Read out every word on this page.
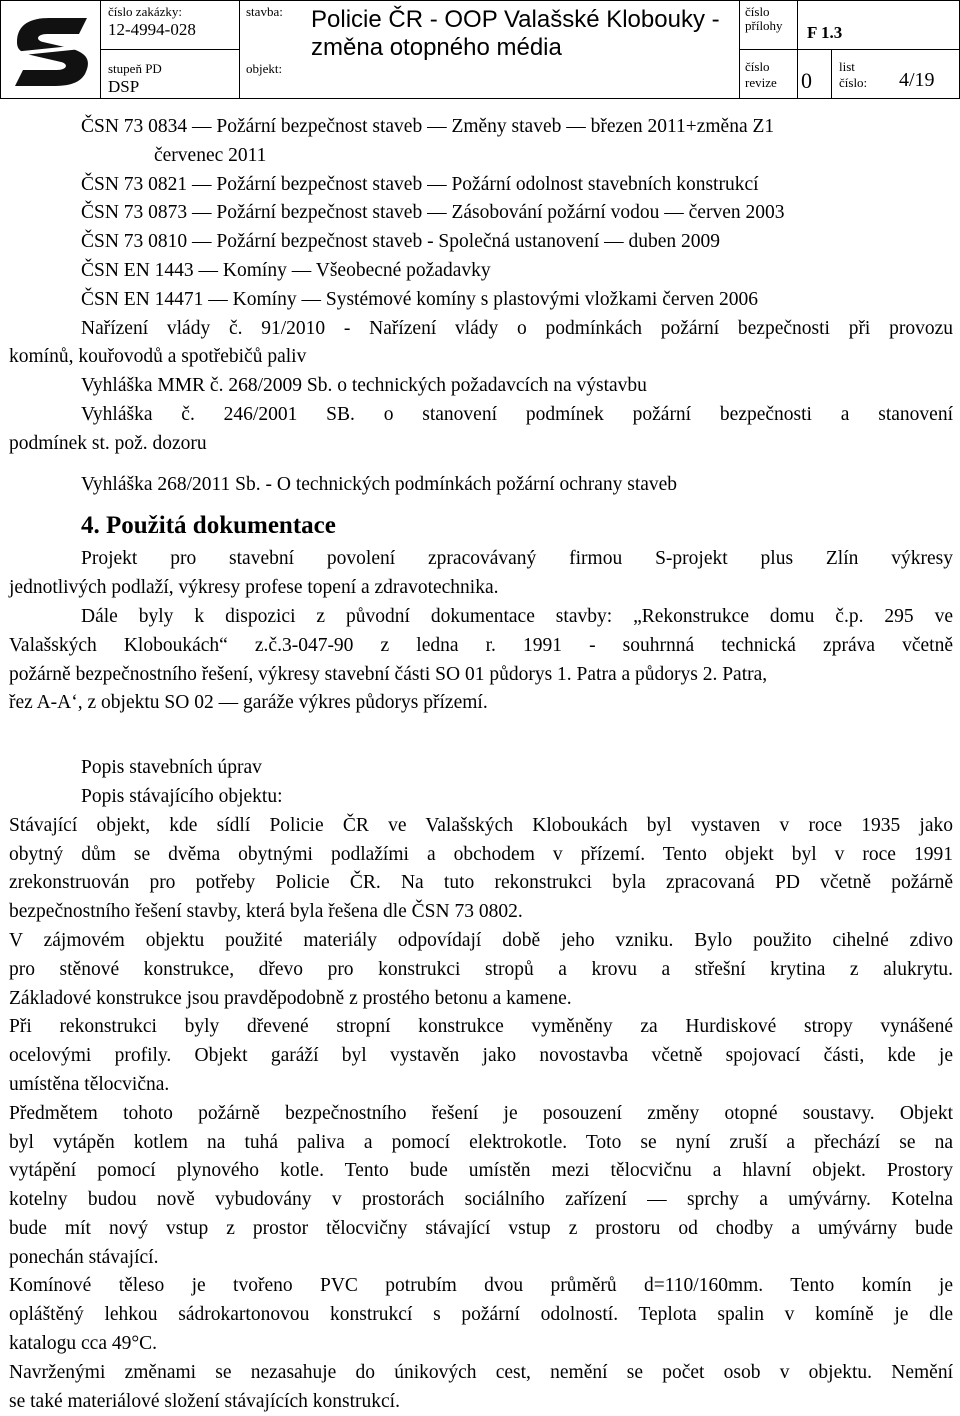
číslo zakázky:
12-4994-028
stupeň PD
DSP
stavba:
objekt:
Policie ČR - OOP Valašské Klobouky -
změna otopného média
číslo
přílohy F 1.3
číslo
revize 0
list
číslo: 4/19
ČSN 73 0834 — Požární bezpečnost staveb — Změny staveb — březen 2011+změna Z1
červenec 2011
ČSN 73 0821 — Požární bezpečnost staveb — Požární odolnost stavebních konstrukcí
ČSN 73 0873 — Požární bezpečnost staveb — Zásobování požární vodou — červen 2003
ČSN 73 0810 — Požární bezpečnost staveb - Společná ustanovení — duben 2009
ČSN EN 1443 — Komíny — Všeobecné požadavky
ČSN EN 14471 — Komíny — Systémové komíny s plastovými vložkami červen 2006
Nařízení vlády č. 91/2010 - Nařízení vlády o podmínkách požární bezpečnosti při provozu
komínů, kouřovodů a spotřebičů paliv
Vyhláška MMR č. 268/2009 Sb. o technických požadavcích na výstavbu
Vyhláška č. 246/2001 SB. o stanovení podmínek požární bezpečnosti a stanovení
podmínek st. pož. dozoru
Vyhláška 268/2011 Sb. - O technických podmínkách požární ochrany staveb
4. Použitá dokumentace
Projekt pro stavební povolení zpracovávaný firmou S-projekt plus Zlín výkresy
jednotlivých podlaží, výkresy profese topení a zdravotechnika.
Dále byly k dispozici z původní dokumentace stavby: „Rekonstrukce domu č.p. 295 ve
Valašských Kloboukách“ z.č.3-047-90 z ledna r. 1991 - souhrnná technická zpráva včetně
požárně bezpečnostního řešení, výkresy stavební části SO 01 půdorys 1. Patra a půdorys 2. Patra,
řez A-A‘, z objektu SO 02 — garáže výkres půdorys přízemí.
Popis stavebních úprav
Popis stávajícího objektu:
Stávající objekt, kde sídlí Policie ČR ve Valašských Kloboukách byl vystaven v roce 1935 jako
obytný dům se dvěma obytnými podlažími a obchodem v přízemí. Tento objekt byl v roce 1991
zrekonstruován pro potřeby Policie ČR. Na tuto rekonstrukci byla zpracovaná PD včetně požárně
bezpečnostního řešení stavby, která byla řešena dle ČSN 73 0802.
V zájmovém objektu použité materiály odpovídají době jeho vzniku. Bylo použito cihelné zdivo
pro stěnové konstrukce, dřevo pro konstrukci stropů a krovu a střešní krytina z alukrytu.
Základové konstrukce jsou pravděpodobně z prostého betonu a kamene.
Při rekonstrukci byly dřevené stropní konstrukce vyměněny za Hurdiskové stropy vynášené
ocelovými profily. Objekt garáží byl vystavěn jako novostavba včetně spojovací části, kde je
umístěna tělocvična.
Předmětem tohoto požárně bezpečnostního řešení je posouzení změny otopné soustavy. Objekt
byl vytápěn kotlem na tuhá paliva a pomocí elektrokotle. Toto se nyní zruší a přechází se na
vytápění pomocí plynového kotle. Tento bude umístěn mezi tělocvičnu a hlavní objekt. Prostory
kotelny budou nově vybudovány v prostorách sociálního zařízení — sprchy a umývárny. Kotelna
bude mít nový vstup z prostor tělocvičny stávající vstup z prostoru od chodby a umývárny bude
ponechán stávající.
Komínové těleso je tvořeno PVC potrubím dvou průměrů d=110/160mm. Tento komín je
opláštěný lehkou sádrokartonovou konstrukcí s požární odolností. Teplota spalin v komíně je dle
katalogu cca 49°C.
Navrženými změnami se nezasahuje do únikových cest, nemění se počet osob v objektu. Nemění
se také materiálové složení stávajících konstrukcí.
